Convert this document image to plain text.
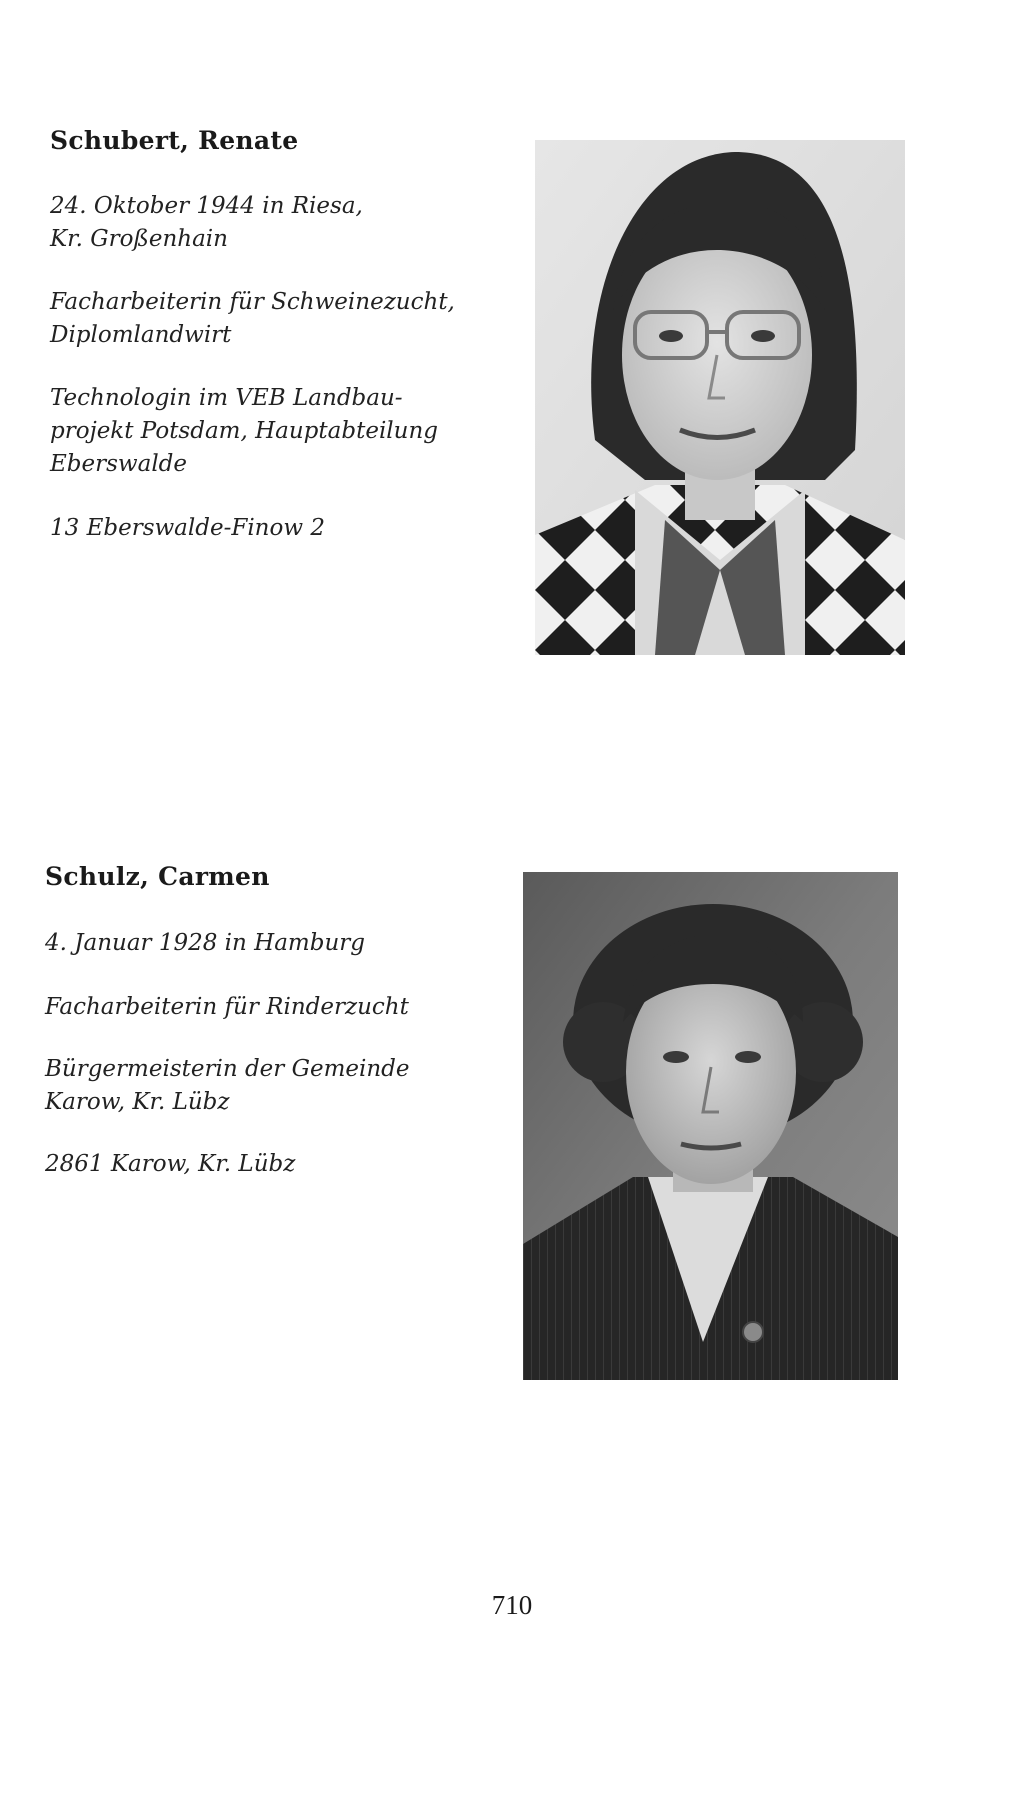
Schubert, Renate

24. Oktober 1944 in Riesa,
Kr. Großenhain

Facharbeiterin für Schweinezucht,
Diplomlandwirt

Technologin im VEB Landbau-
projekt Potsdam, Hauptabteilung
Eberswalde

13 Eberswalde-Finow 2

Schulz, Carmen

4. Januar 1928 in Hamburg

Facharbeiterin für Rinderzucht

Bürgermeisterin der Gemeinde
Karow, Kr. Lübz

2861 Karow, Kr. Lübz

710
